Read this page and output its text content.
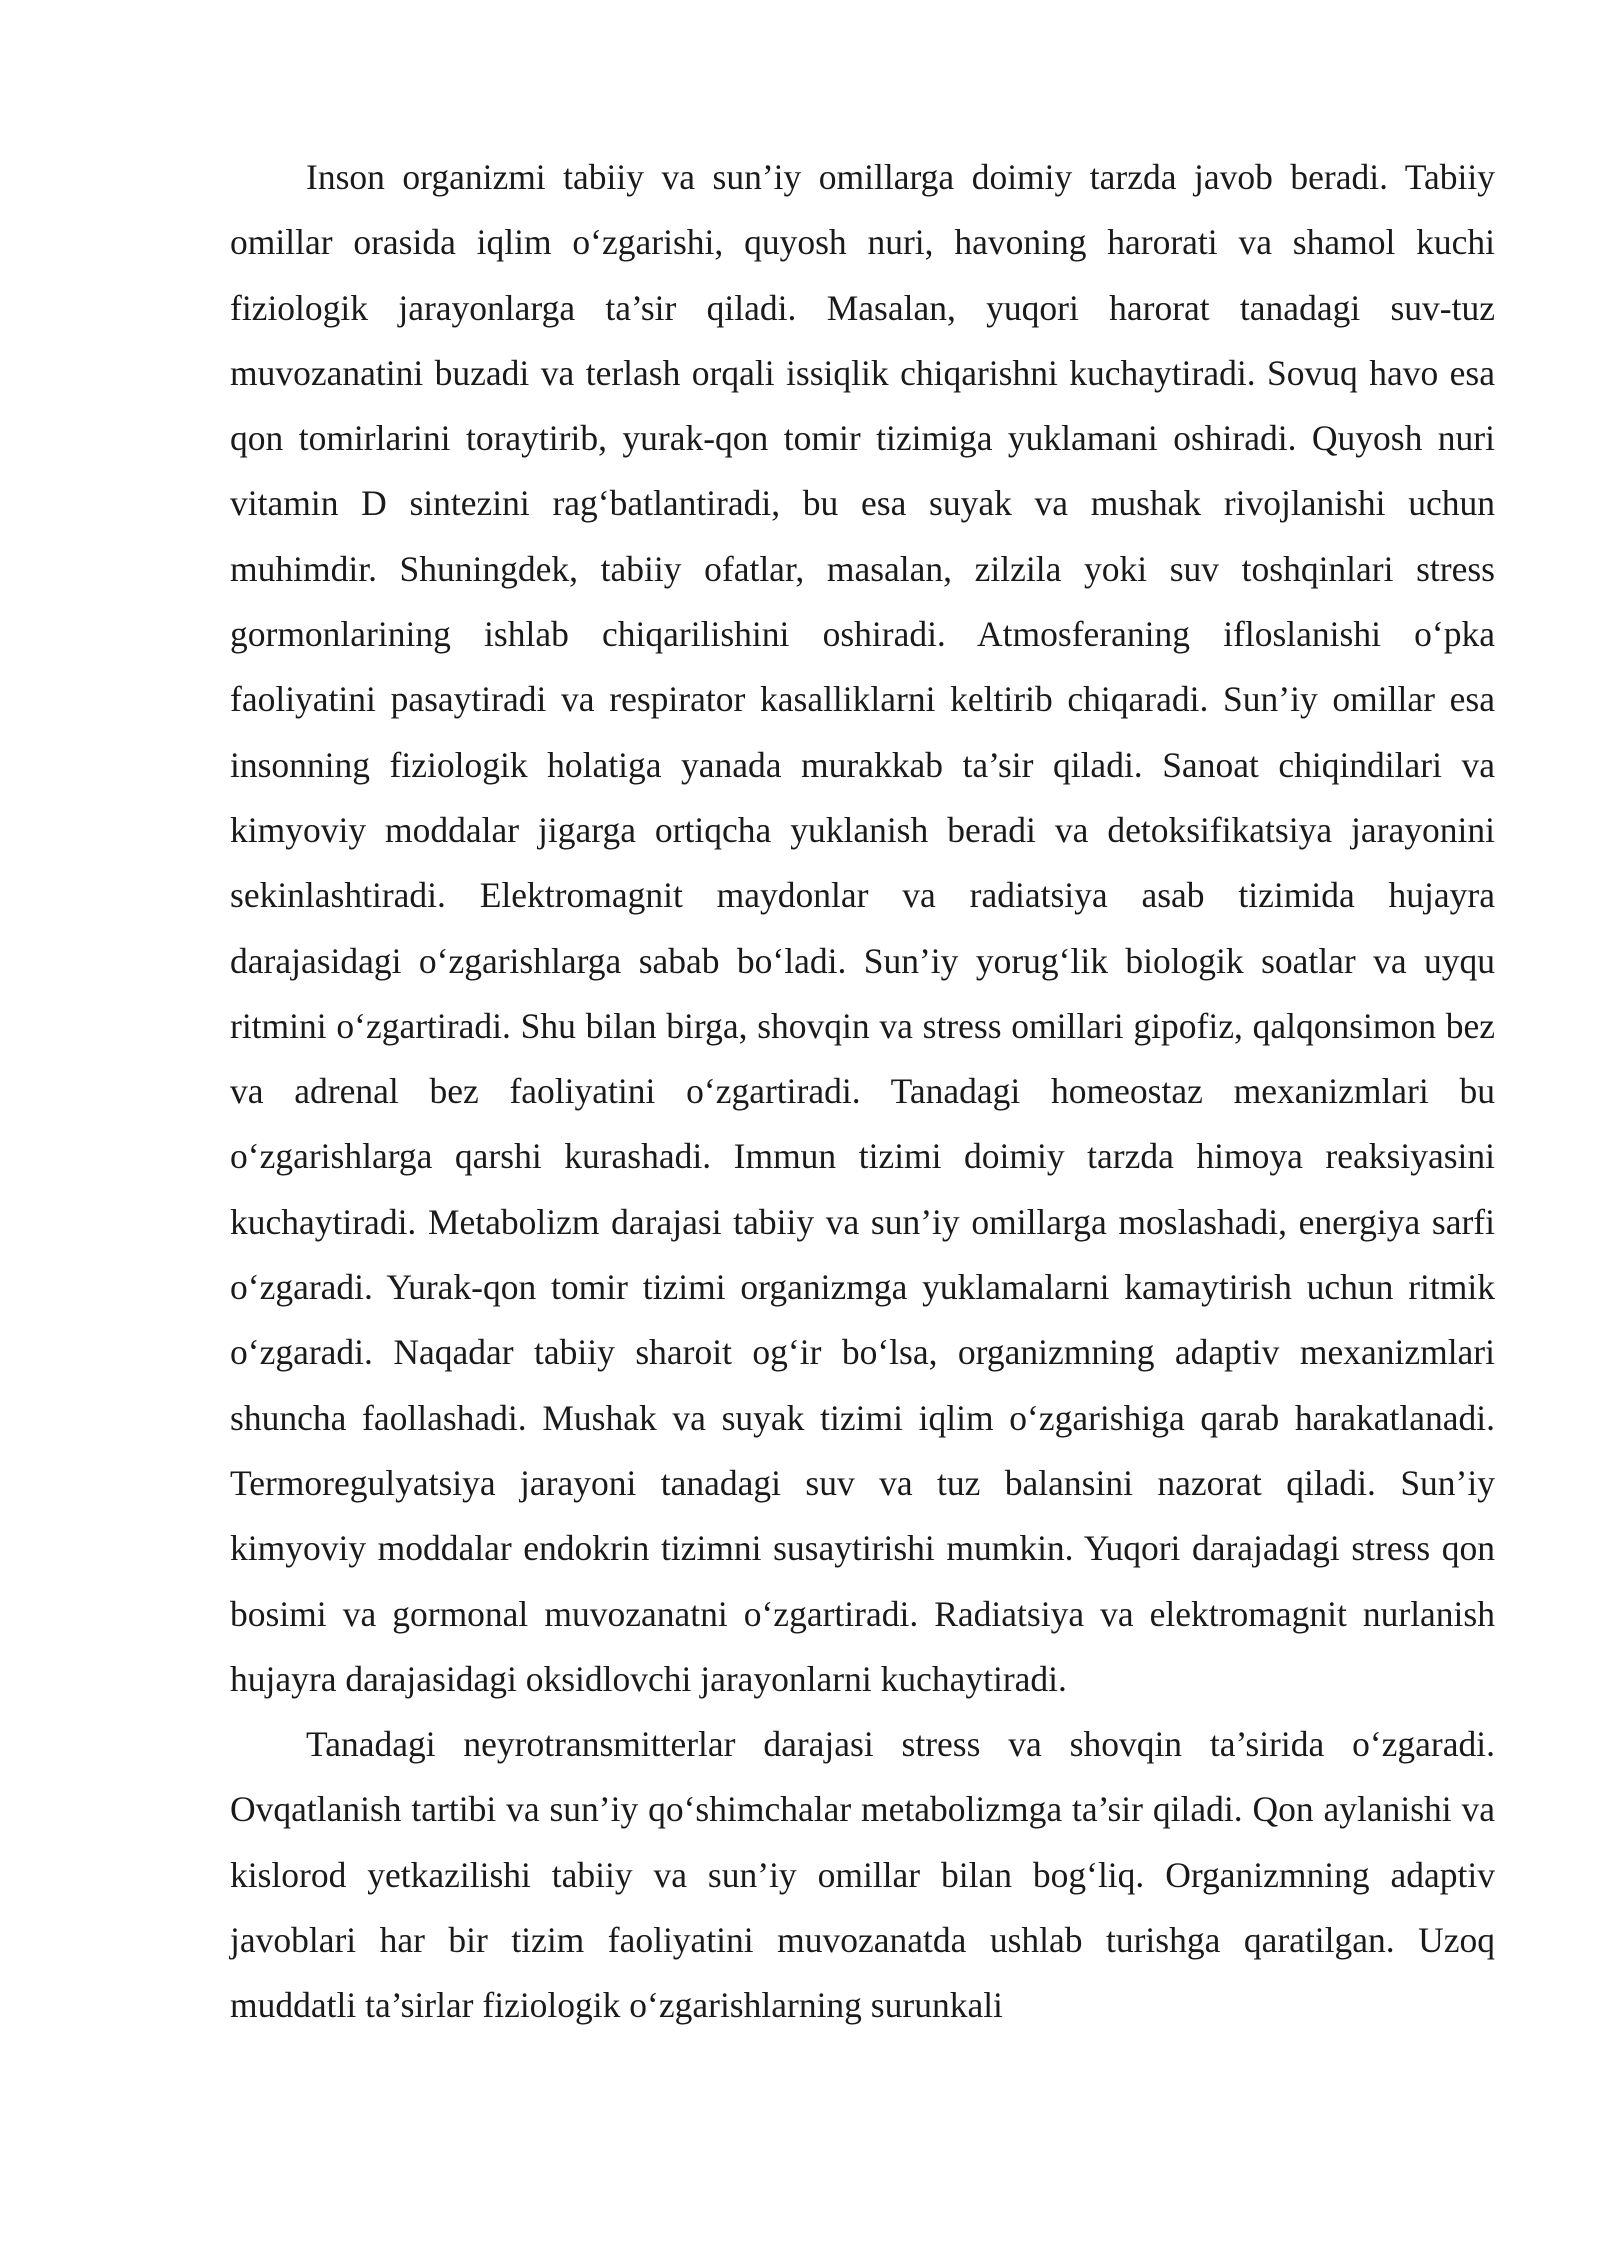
Inson organizmi tabiiy va sun’iy omillarga doimiy tarzda javob beradi. Tabiiy omillar orasida iqlim o‘zgarishi, quyosh nuri, havoning harorati va shamol kuchi fiziologik jarayonlarga ta’sir qiladi. Masalan, yuqori harorat tanadagi suv-tuz muvozanatini buzadi va terlash orqali issiqlik chiqarishni kuchaytiradi. Sovuq havo esa qon tomirlarini toraytirib, yurak-qon tomir tizimiga yuklamani oshiradi. Quyosh nuri vitamin D sintezini rag‘batlantiradi, bu esa suyak va mushak rivojlanishi uchun muhimdir. Shuningdek, tabiiy ofatlar, masalan, zilzila yoki suv toshqinlari stress gormonlarining ishlab chiqarilishini oshiradi. Atmosferaning ifloslanishi o‘pka faoliyatini pasaytiradi va respirator kasalliklarni keltirib chiqaradi. Sun’iy omillar esa insonning fiziologik holatiga yanada murakkab ta’sir qiladi. Sanoat chiqindilari va kimyoviy moddalar jigarga ortiqcha yuklanish beradi va detoksifikatsiya jarayonini sekinlashtiradi. Elektromagnit maydonlar va radiatsiya asab tizimida hujayra darajasidagi o‘zgarishlarga sabab bo‘ladi. Sun’iy yorug‘lik biologik soatlar va uyqu ritmini o‘zgartiradi. Shu bilan birga, shovqin va stress omillari gipofiz, qalqonsimon bez va adrenal bez faoliyatini o‘zgartiradi. Tanadagi homeostaz mexanizmlari bu o‘zgarishlarga qarshi kurashadi. Immun tizimi doimiy tarzda himoya reaksiyasini kuchaytiradi. Metabolizm darajasi tabiiy va sun’iy omillarga moslashadi, energiya sarfi o‘zgaradi. Yurak-qon tomir tizimi organizmga yuklamalarni kamaytirish uchun ritmik o‘zgaradi. Naqadar tabiiy sharoit og‘ir bo‘lsa, organizmning adaptiv mexanizmlari shuncha faollashadi. Mushak va suyak tizimi iqlim o‘zgarishiga qarab harakatlanadi. Termoregulyatsiya jarayoni tanadagi suv va tuz balansini nazorat qiladi. Sun’iy kimyoviy moddalar endokrin tizimni susaytirishi mumkin. Yuqori darajadagi stress qon bosimi va gormonal muvozanatni o‘zgartiradi. Radiatsiya va elektromagnit nurlanish hujayra darajasidagi oksidlovchi jarayonlarni kuchaytiradi.

Tanadagi neyrotransmitterlar darajasi stress va shovqin ta’sirida o‘zgaradi. Ovqatlanish tartibi va sun’iy qo‘shimchalar metabolizmga ta’sir qiladi. Qon aylanishi va kislorod yetkazilishi tabiiy va sun’iy omillar bilan bog‘liq. Organizmning adaptiv javoblari har bir tizim faoliyatini muvozanatda ushlab turishga qaratilgan. Uzoq muddatli ta’sirlar fiziologik o‘zgarishlarning surunkali
